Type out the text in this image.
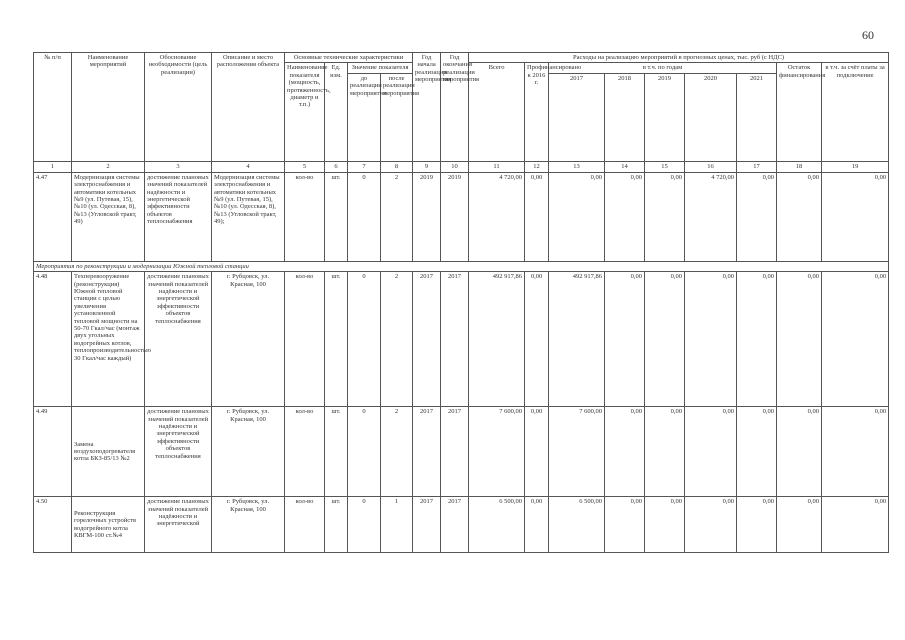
60
№ п/п	Наименование мероприятий	Обоснование необходимости (цель реализации)	Описание и место расположения объекта	Основные технические характеристики				Год начала реализации мероприятия	Год окончания реализации мероприятия	Расходы на реализацию мероприятий в прогнозных ценах, тыс. руб (с НДС)								
				Наименование показателя (мощность, протяженность, диаметр и т.п.)	Ед. изм.	Значение показателя				Всего	Профинансировано к 2016 г.	в т.ч. по годам					Остаток финансирования	в т.ч. за счёт платы за подключение
						до реализации мероприятия	после реализации мероприятия					2017	2018	2019	2020	2021		
1	2	3	4	5	6	7	8	9	10	11	12	13	14	15	16	17	18	19
4.47	Модернизация системы электроснабжения и автоматики котельных №9 (ул. Путевая, 15), №10 (ул. Одесская, 8), №13 (Угловской тракт, 49)	достижение плановых значений показателей надёжности и энергетической эффективности объектов теплоснабжения	Модернизация системы электроснабжения и автоматики котельных №9 (ул. Путевая, 15), №10 (ул. Одесская, 8), №13 (Угловской тракт, 49);	кол-во	шт.	0	2	2019	2019	4 720,00	0,00	0,00	0,00	0,00	4 720,00	0,00	0,00	0,00
Мероприятия по реконструкции и модернизации Южной тепловой станции																		
4.48	Техперевооружение (реконструкция) Южной тепловой станции с целью увеличения установленной тепловой мощности на 50-70 Гкал/час (монтаж двух угольных водогрейных котлов, теплопроизводительностью 30 Гкал/час каждый)	достижение плановых значений показателей надёжности и энергетической эффективности объектов теплоснабжения	г. Рубцовск, ул. Красная, 100	кол-во	шт.	0	2	2017	2017	492 917,86	0,00	492 917,86	0,00	0,00	0,00	0,00	0,00	0,00
4.49	Замена воздухоподогревателя котла БКЗ-85/13 №2	достижение плановых значений показателей надёжности и энергетической эффективности объектов теплоснабжения	г. Рубцовск, ул. Красная, 100	кол-во	шт.	0	2	2017	2017	7 600,00	0,00	7 600,00	0,00	0,00	0,00	0,00	0,00	0,00
4.50	Реконструкция горелочных устройств водогрейного котла КВГМ-100 ст.№4	достижение плановых значений показателей надёжности и энергетической	г. Рубцовск, ул. Красная, 100	кол-во	шт.	0	1	2017	2017	6 500,00	0,00	6 500,00	0,00	0,00	0,00	0,00	0,00	0,00
